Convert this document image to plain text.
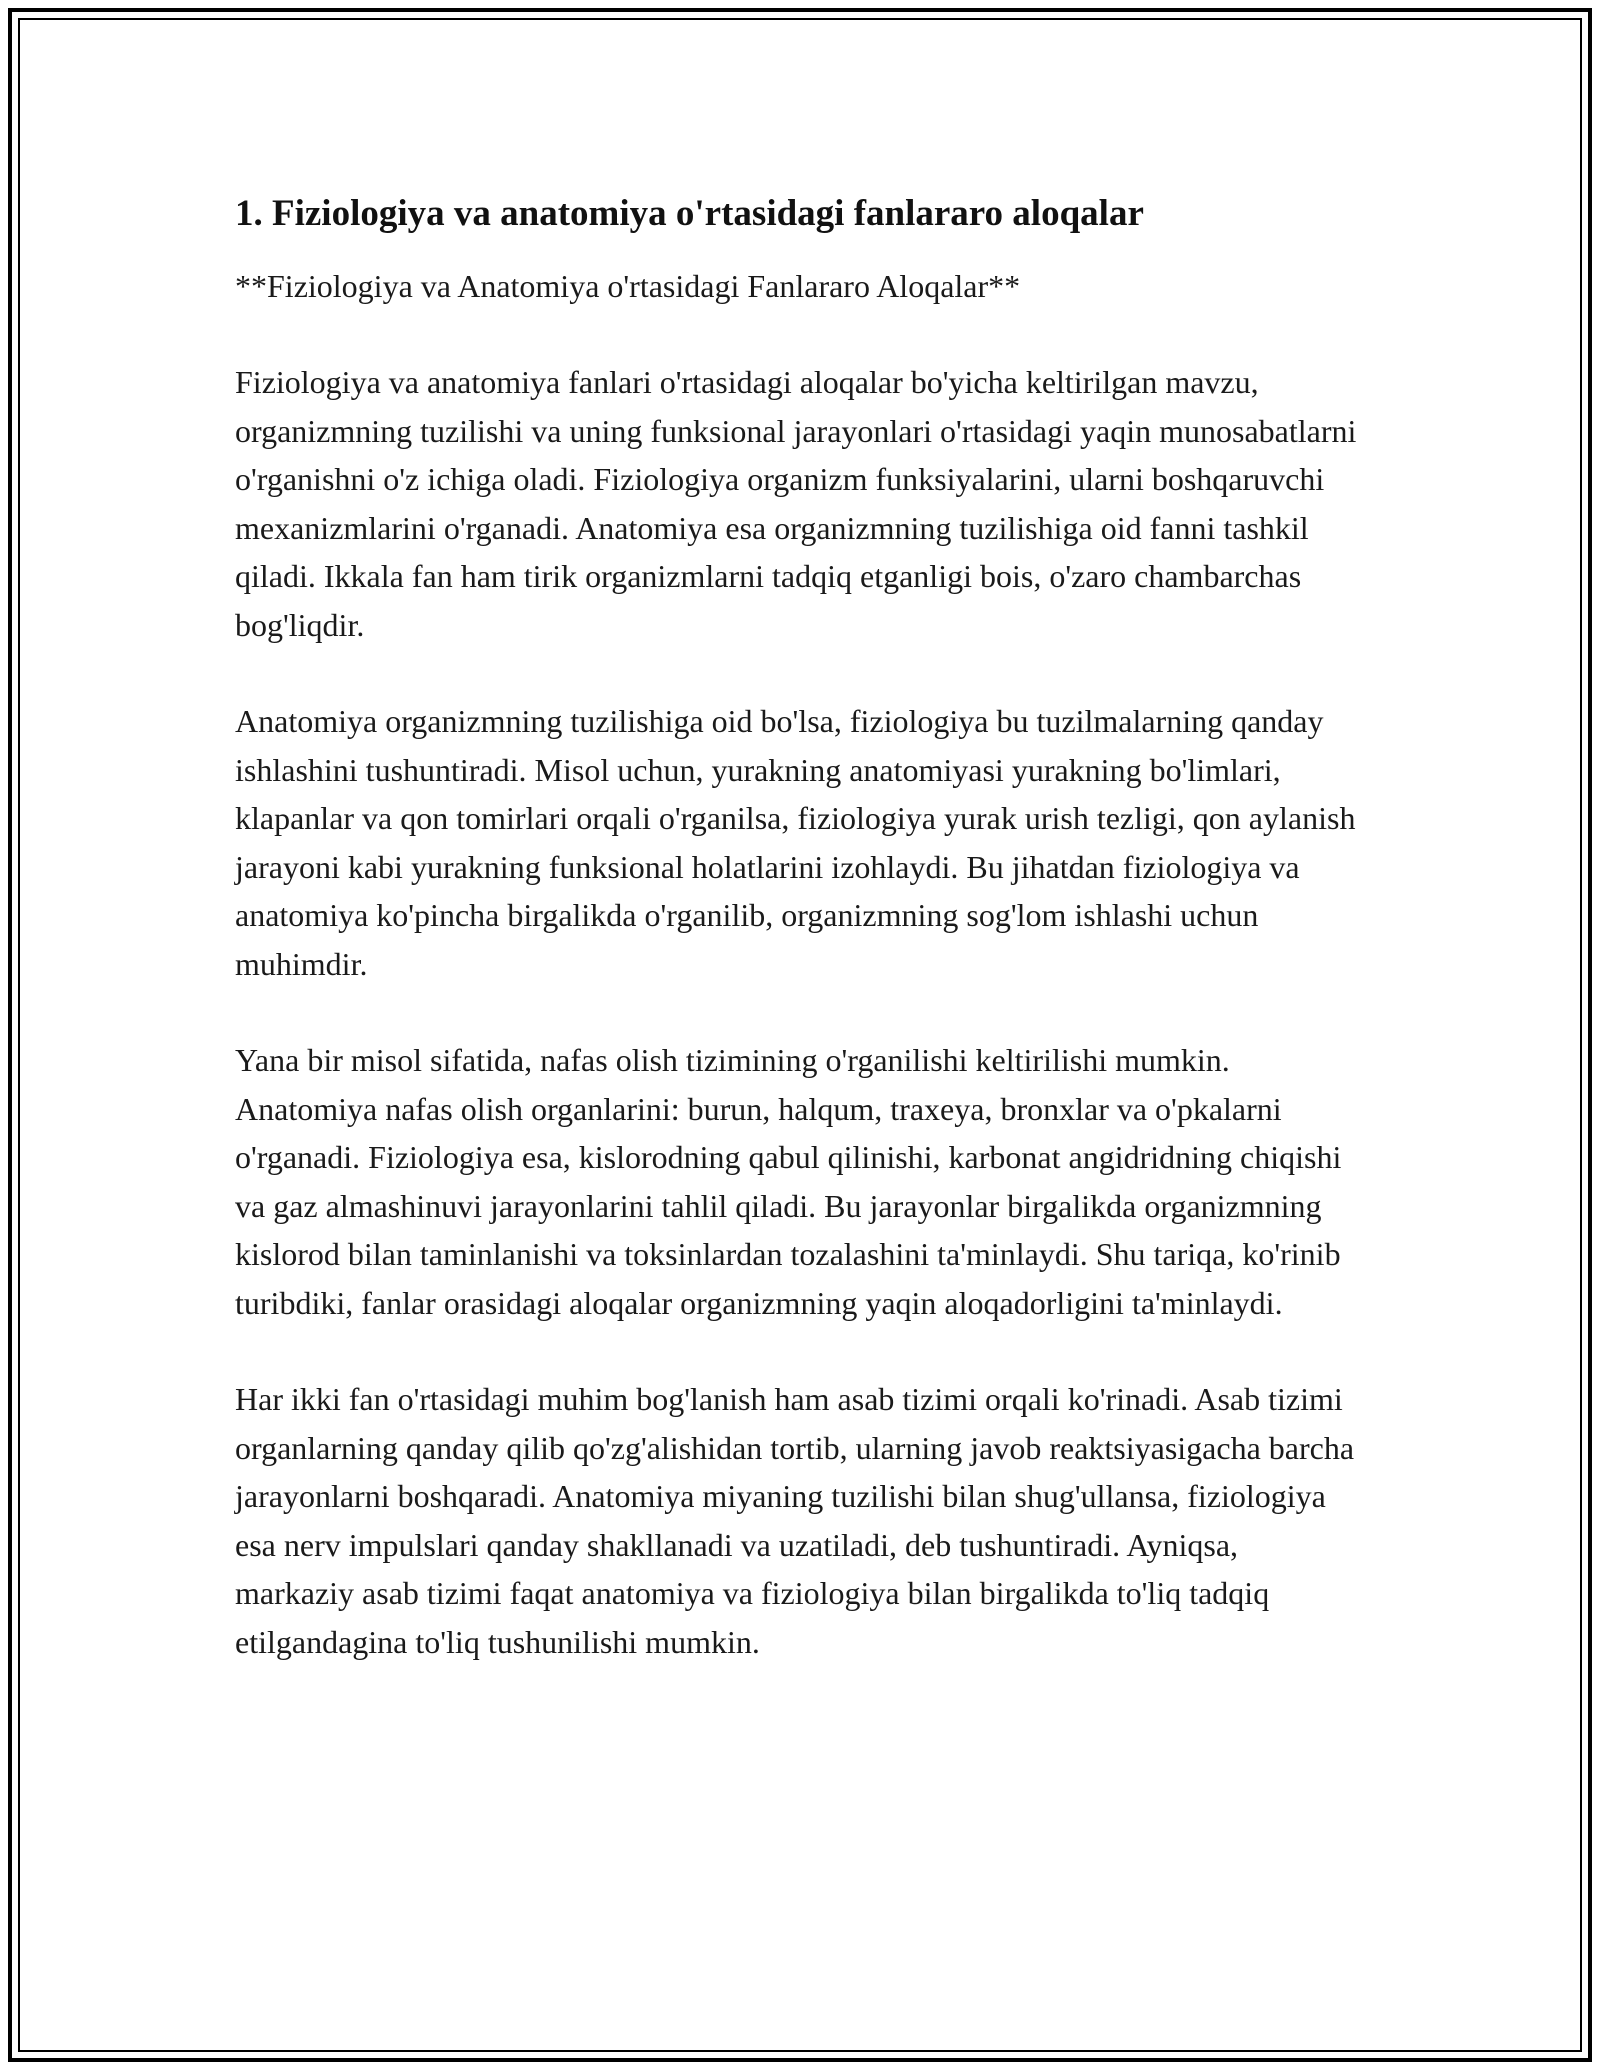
1. Fiziologiya va anatomiya o'rtasidagi fanlararo aloqalar

**Fiziologiya va Anatomiya o'rtasidagi Fanlararo Aloqalar**

Fiziologiya va anatomiya fanlari o'rtasidagi aloqalar bo'yicha keltirilgan mavzu, organizmning tuzilishi va uning funksional jarayonlari o'rtasidagi yaqin munosabatlarni o'rganishni o'z ichiga oladi. Fiziologiya organizm funksiyalarini, ularni boshqaruvchi mexanizmlarini o'rganadi. Anatomiya esa organizmning tuzilishiga oid fanni tashkil qiladi. Ikkala fan ham tirik organizmlarni tadqiq etganligi bois, o'zaro chambarchas bog'liqdir.

Anatomiya organizmning tuzilishiga oid bo'lsa, fiziologiya bu tuzilmalarning qanday ishlashini tushuntiradi. Misol uchun, yurakning anatomiyasi yurakning bo'limlari, klapanlar va qon tomirlari orqali o'rganilsa, fiziologiya yurak urish tezligi, qon aylanish jarayoni kabi yurakning funksional holatlarini izohlaydi. Bu jihatdan fiziologiya va anatomiya ko'pincha birgalikda o'rganilib, organizmning sog'lom ishlashi uchun muhimdir.

Yana bir misol sifatida, nafas olish tizimining o'rganilishi keltirilishi mumkin. Anatomiya nafas olish organlarini: burun, halqum, traxeya, bronxlar va o'pkalarni o'rganadi. Fiziologiya esa, kislorodning qabul qilinishi, karbonat angidridning chiqishi va gaz almashinuvi jarayonlarini tahlil qiladi. Bu jarayonlar birgalikda organizmning kislorod bilan taminlanishi va toksinlardan tozalashini ta'minlaydi. Shu tariqa, ko'rinib turibdiki, fanlar orasidagi aloqalar organizmning yaqin aloqadorligini ta'minlaydi.

Har ikki fan o'rtasidagi muhim bog'lanish ham asab tizimi orqali ko'rinadi. Asab tizimi organlarning qanday qilib qo'zg'alishidan tortib, ularning javob reaktsiyasigacha barcha jarayonlarni boshqaradi. Anatomiya miyaning tuzilishi bilan shug'ullansa, fiziologiya esa nerv impulslari qanday shakllanadi va uzatiladi, deb tushuntiradi. Ayniqsa, markaziy asab tizimi faqat anatomiya va fiziologiya bilan birgalikda to'liq tadqiq etilgandagina to'liq tushunilishi mumkin.
